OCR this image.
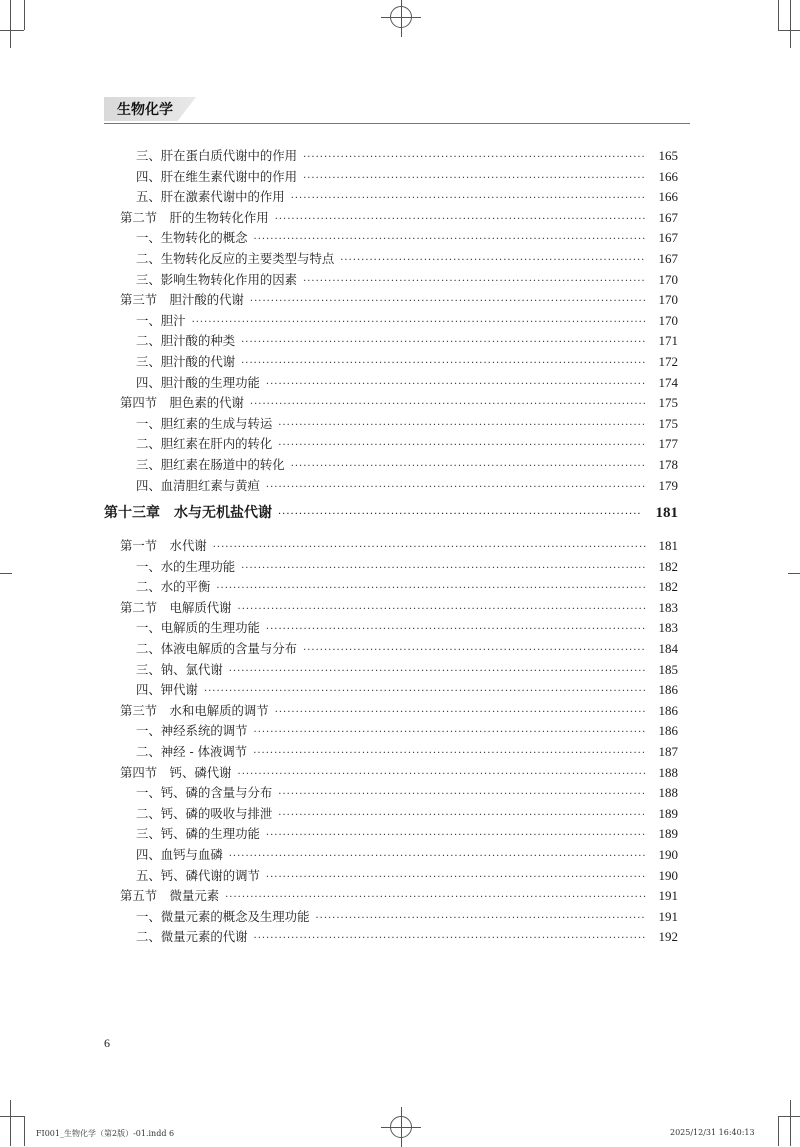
生物化学
三、肝在蛋白质代谢中的作用 ·····	165
四、肝在维生素代谢中的作用 ·····	166
五、肝在激素代谢中的作用 ·····	166
第二节　肝的生物转化作用 ·····	167
一、生物转化的概念 ·····	167
二、生物转化反应的主要类型与特点 ·····	167
三、影响生物转化作用的因素 ·····	170
第三节　胆汁酸的代谢 ·····	170
一、胆汁 ·····	170
二、胆汁酸的种类 ·····	171
三、胆汁酸的代谢 ·····	172
四、胆汁酸的生理功能 ·····	174
第四节　胆色素的代谢 ·····	175
一、胆红素的生成与转运 ·····	175
二、胆红素在肝内的转化 ·····	177
三、胆红素在肠道中的转化 ·····	178
四、血清胆红素与黄疸 ·····	179
第十三章　水与无机盐代谢 ·····	181
第一节　水代谢 ·····	181
一、水的生理功能 ·····	182
二、水的平衡 ·····	182
第二节　电解质代谢 ·····	183
一、电解质的生理功能 ·····	183
二、体液电解质的含量与分布 ·····	184
三、钠、氯代谢 ·····	185
四、钾代谢 ·····	186
第三节　水和电解质的调节 ·····	186
一、神经系统的调节 ·····	186
二、神经 - 体液调节 ·····	187
第四节　钙、磷代谢 ·····	188
一、钙、磷的含量与分布 ·····	188
二、钙、磷的吸收与排泄 ·····	189
三、钙、磷的生理功能 ·····	189
四、血钙与血磷 ·····	190
五、钙、磷代谢的调节 ·····	190
第五节　微量元素 ·····	191
一、微量元素的概念及生理功能 ·····	191
二、微量元素的代谢 ·····	192
6
FI001_生物化学（第2版）-01.indd 6	2025/12/31 16:40:13
